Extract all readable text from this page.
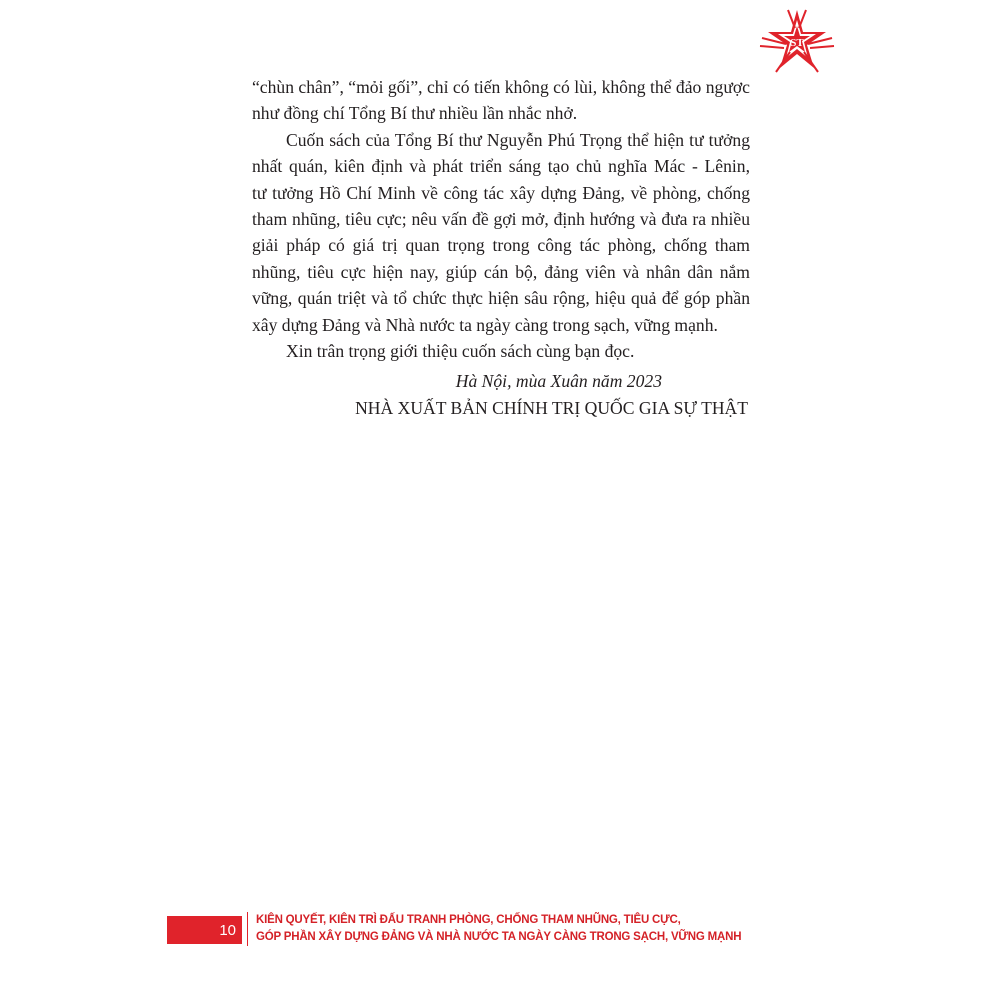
ST

“chùn chân”, “mỏi gối”, chỉ có tiến không có lùi, không thể đảo ngược
như đồng chí Tổng Bí thư nhiều lần nhắc nhở.

Cuốn sách của Tổng Bí thư Nguyễn Phú Trọng thể hiện tư tưởng
nhất quán, kiên định và phát triển sáng tạo chủ nghĩa Mác - Lênin,
tư tưởng Hồ Chí Minh về công tác xây dựng Đảng, về phòng, chống
tham nhũng, tiêu cực; nêu vấn đề gợi mở, định hướng và đưa ra nhiều
giải pháp có giá trị quan trọng trong công tác phòng, chống tham
nhũng, tiêu cực hiện nay, giúp cán bộ, đảng viên và nhân dân nắm
vững, quán triệt và tổ chức thực hiện sâu rộng, hiệu quả để góp phần
xây dựng Đảng và Nhà nước ta ngày càng trong sạch, vững mạnh.

Xin trân trọng giới thiệu cuốn sách cùng bạn đọc.

Hà Nội, mùa Xuân năm 2023
NHÀ XUẤT BẢN CHÍNH TRỊ QUỐC GIA SỰ THẬT
10
KIÊN QUYẾT, KIÊN TRÌ ĐẤU TRANH PHÒNG, CHỐNG THAM NHŨNG, TIÊU CỰC,
GÓP PHẦN XÂY DỰNG ĐẢNG VÀ NHÀ NƯỚC TA NGÀY CÀNG TRONG SẠCH, VỮNG MẠNH
